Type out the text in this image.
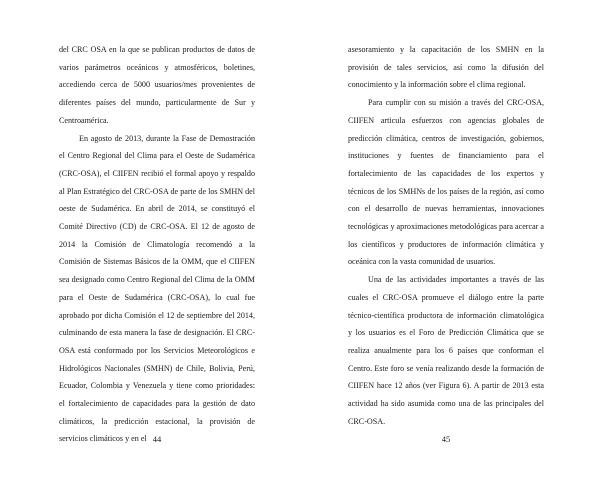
del CRC OSA en la que se publican productos de datos de varios parámetros oceánicos y atmosféricos, boletines, accediendo cerca de 5000 usuarios/mes provenientes de diferentes países del mundo, particularmente de Sur y Centroamérica.

En agosto de 2013, durante la Fase de Demostración el Centro Regional del Clima para el Oeste de Sudamérica (CRC-OSA), el CIIFEN recibió el formal apoyo y respaldo al Plan Estratégico del CRC-OSA de parte de los SMHN del oeste de Sudamérica. En abril de 2014, se constituyó el Comité Directivo (CD) de CRC-OSA. El 12 de agosto de 2014 la Comisión de Climatología recomendó a la Comisión de Sistemas Básicos de la OMM, que el CIIFEN sea designado como Centro Regional del Clima de la OMM para el Oeste de Sudamérica (CRC-OSA), lo cual fue aprobado por dicha Comisión el 12 de septiembre del 2014, culminando de esta manera la fase de designación. El CRC-OSA está conformado por los Servicios Meteorológicos e Hidrológicos Nacionales (SMHN) de Chile, Bolivia, Perú, Ecuador, Colombia y Venezuela y tiene como prioridades: el fortalecimiento de capacidades para la gestión de dato climáticos, la predicción estacional, la provisión de servicios climáticos y en el 44

asesoramiento y la capacitación de los SMHN en la provisión de tales servicios, así como la difusión del conocimiento y la información sobre el clima regional.

Para cumplir con su misión a través del CRC-OSA, CIIFEN articula esfuerzos con agencias globales de predicción climática, centros de investigación, gobiernos, instituciones y fuentes de financiamiento para el fortalecimiento de las capacidades de los expertos y técnicos de los SMHNs de los países de la región, así como con el desarrollo de nuevas herramientas, innovaciones tecnológicas y aproximaciones metodológicas para acercar a los científicos y productores de información climática y oceánica con la vasta comunidad de usuarios.

Una de las actividades importantes a través de las cuales el CRC-OSA promueve el diálogo entre la parte técnico-científica productora de información climatológica y los usuarios es el Foro de Predicción Climática que se realiza anualmente para los 6 países que conforman el Centro. Este foro se venía realizando desde la formación de CIIFEN hace 12 años (ver Figura 6). A partir de 2013 esta actividad ha sido asumida como una de las principales del CRC-OSA.

45
